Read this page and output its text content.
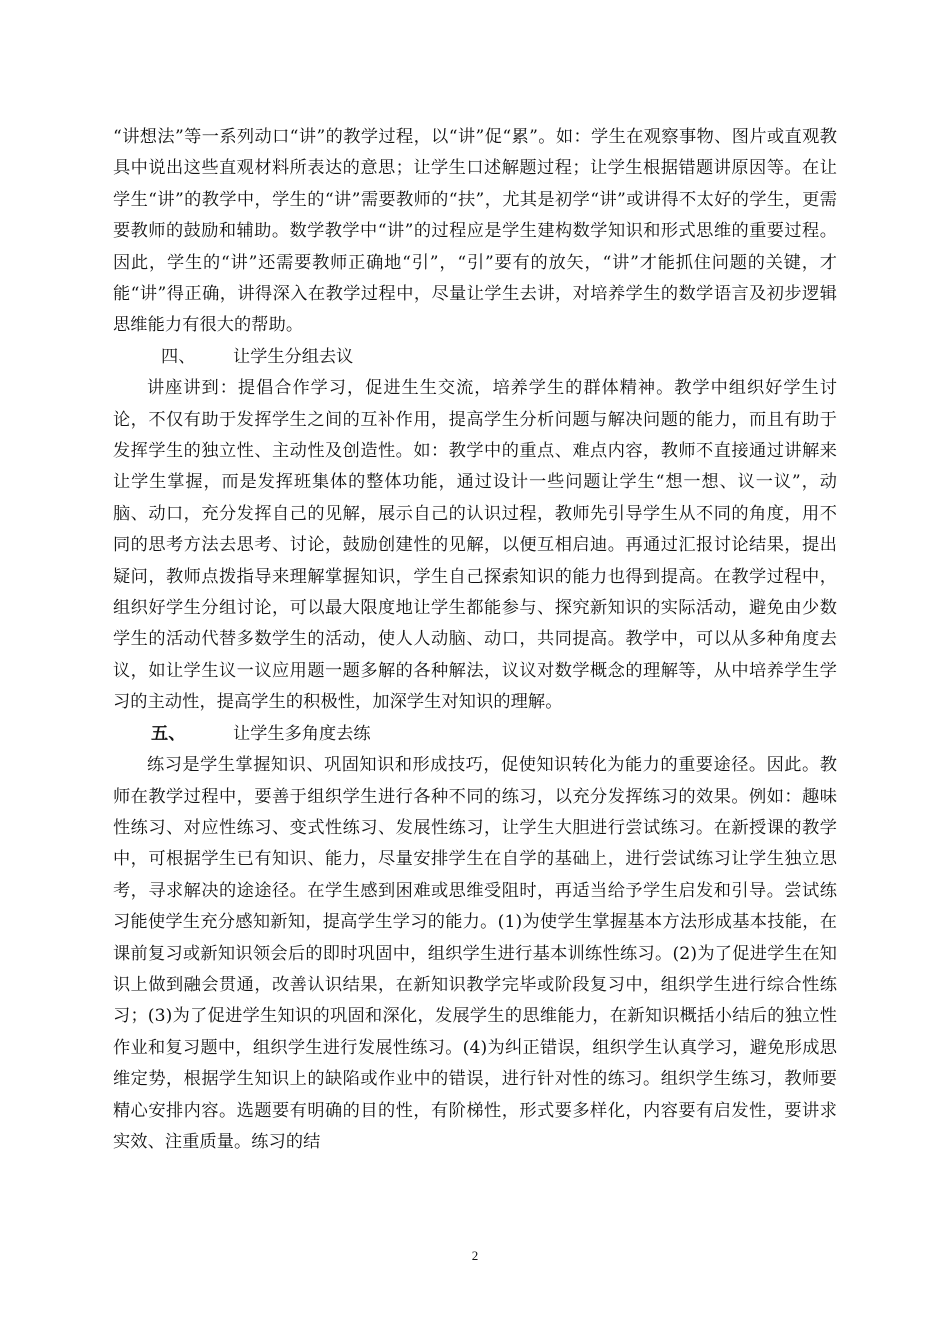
“讲想法”等一系列动口“讲”的教学过程，以“讲”促“累”。如：学生在观察事物、图片或直观教具中说出这些直观材料所表达的意思；让学生口述解题过程；让学生根据错题讲原因等。在让学生“讲”的教学中，学生的“讲”需要教师的“扶”，尤其是初学“讲”或讲得不太好的学生，更需要教师的鼓励和辅助。数学教学中“讲”的过程应是学生建构数学知识和形式思维的重要过程。因此，学生的“讲”还需要教师正确地“引”，“引”要有的放矢，“讲”才能抓住问题的关键，才能“讲”得正确，讲得深入在教学过程中，尽量让学生去讲，对培养学生的数学语言及初步逻辑思维能力有很大的帮助。

四、 让学生分组去议

讲座讲到：提倡合作学习，促进生生交流，培养学生的群体精神。教学中组织好学生讨论，不仅有助于发挥学生之间的互补作用，提高学生分析问题与解决问题的能力，而且有助于发挥学生的独立性、主动性及创造性。如：教学中的重点、难点内容，教师不直接通过讲解来让学生掌握，而是发挥班集体的整体功能，通过设计一些问题让学生“想一想、议一议”，动脑、动口，充分发挥自己的见解，展示自己的认识过程，教师先引导学生从不同的角度，用不同的思考方法去思考、讨论，鼓励创建性的见解，以便互相启迪。再通过汇报讨论结果，提出疑问，教师点拨指导来理解掌握知识，学生自己探索知识的能力也得到提高。在教学过程中，组织好学生分组讨论，可以最大限度地让学生都能参与、探究新知识的实际活动，避免由少数学生的活动代替多数学生的活动，使人人动脑、动口，共同提高。教学中，可以从多种角度去议，如让学生议一议应用题一题多解的各种解法，议议对数学概念的理解等，从中培养学生学习的主动性，提高学生的积极性，加深学生对知识的理解。

五、	让学生多角度去练

练习是学生掌握知识、巩固知识和形成技巧，促使知识转化为能力的重要途径。因此。教师在教学过程中，要善于组织学生进行各种不同的练习，以充分发挥练习的效果。例如：趣味性练习、对应性练习、变式性练习、发展性练习，让学生大胆进行尝试练习。在新授课的教学中，可根据学生已有知识、能力，尽量安排学生在自学的基础上，进行尝试练习让学生独立思考，寻求解决的途途径。在学生感到困难或思维受阻时，再适当给予学生启发和引导。尝试练习能使学生充分感知新知，提高学生学习的能力。(1)为使学生掌握基本方法形成基本技能，在课前复习或新知识领会后的即时巩固中，组织学生进行基本训练性练习。(2)为了促进学生在知识上做到融会贯通，改善认识结果，在新知识教学完毕或阶段复习中，组织学生进行综合性练习；(3)为了促进学生知识的巩固和深化，发展学生的思维能力，在新知识概括小结后的独立性作业和复习题中，组织学生进行发展性练习。(4)为纠正错误，组织学生认真学习，避免形成思维定势，根据学生知识上的缺陷或作业中的错误，进行针对性的练习。组织学生练习，教师要精心安排内容。选题要有明确的目的性，有阶梯性，形式要多样化，内容要有启发性，要讲求实效、注重质量。练习的结

2
